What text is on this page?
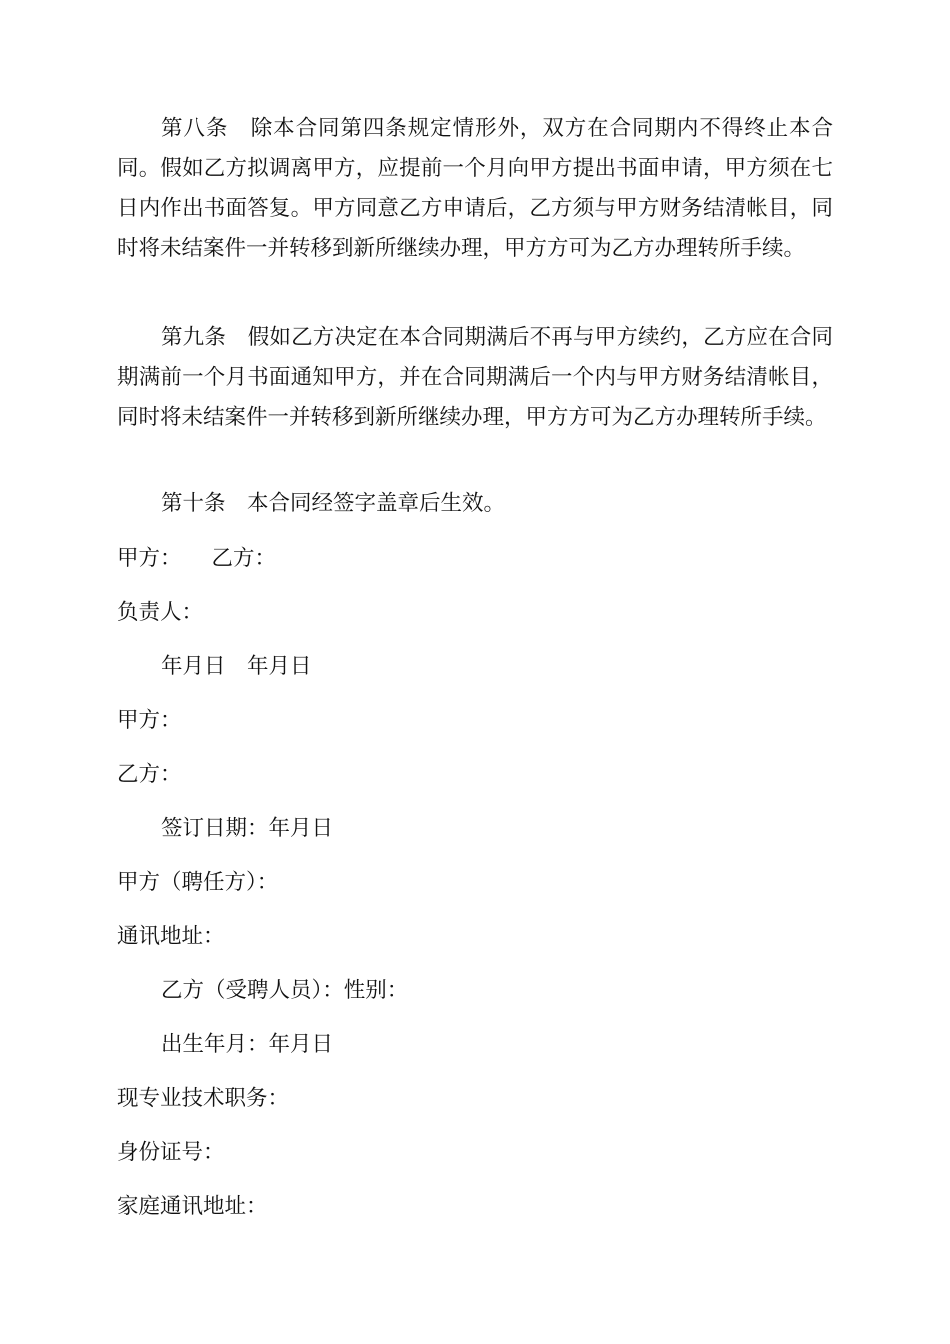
第八条　除本合同第四条规定情形外，双方在合同期内不得终止本合同。假如乙方拟调离甲方，应提前一个月向甲方提出书面申请，甲方须在七日内作出书面答复。甲方同意乙方申请后，乙方须与甲方财务结清帐目，同时将未结案件一并转移到新所继续办理，甲方方可为乙方办理转所手续。

第九条　假如乙方决定在本合同期满后不再与甲方续约，乙方应在合同期满前一个月书面通知甲方，并在合同期满后一个内与甲方财务结清帐目，同时将未结案件一并转移到新所继续办理，甲方方可为乙方办理转所手续。

第十条　本合同经签字盖章后生效。

甲方： 乙方：

负责人：

年月日　年月日

甲方：

乙方：

签订日期：年月日

甲方（聘任方）：

通讯地址：

乙方（受聘人员）：性别：

出生年月：年月日

现专业技术职务：

身份证号：

家庭通讯地址：
